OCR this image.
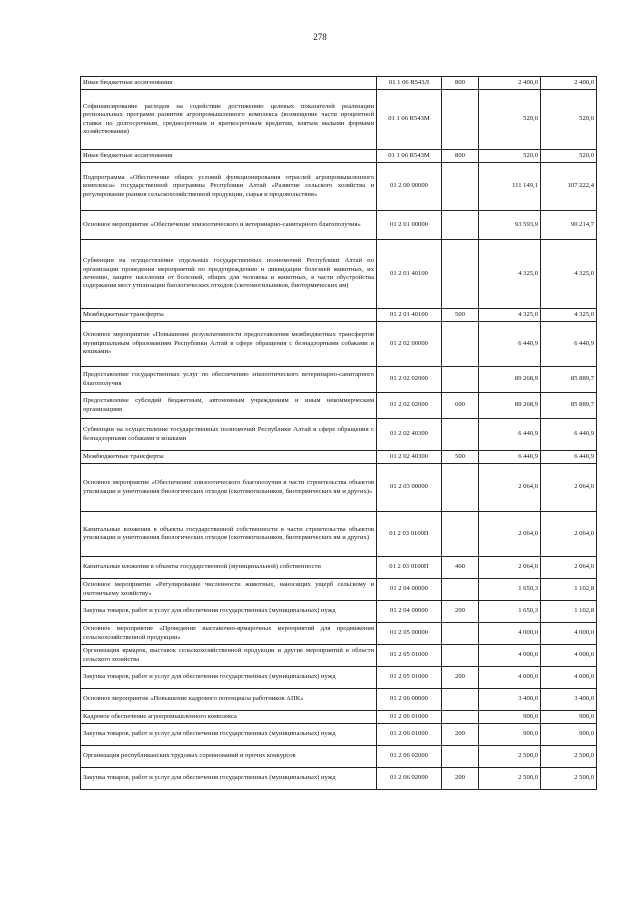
278
Иные бюджетные ассигнования	01 1 06 R543Л	800	2 400,0	2 400,0
Софинансирование расходов на содействие достижению целевых показателей реализации региональных программ развития агропромышленного комплекса (возмещение части процентной ставки по долгосрочным, среднесрочным и краткосрочным кредитам, взятым малыми формами хозяйствования)	01 1 06 R543М		520,0	520,0
Иные бюджетные ассигнования	01 1 06 R543М	800	520,0	520,0
Подпрограмма «Обеспечение общих условий функционирования отраслей агропромышленного комплекса» государственной программы Республики Алтай «Развитие сельского хозяйства и регулирование рынков сельскохозяйственной продукции, сырья и продовольствия»	01 2 00 00000		111 149,1	107 222,4
Основное мероприятие «Обеспечение эпизоотического и ветеринарно-санитарного благополучия»	01 2 01 00000		93 593,9	90 214,7
Субвенции на осуществление отдельных государственных полномочий Республики Алтай по организации проведения мероприятий по предупреждению и ликвидации болезней животных, их лечению, защите населения от болезней, общих для человека и животных, в части обустройства содержания мест утилизации биологических отходов (скотомогильников, биотермических ям)	01 2 01 40100		4 325,0	4 325,0
Межбюджетные трансферты	01 2 01 40100	500	4 325,0	4 325,0
Основное мероприятие «Повышение результативности предоставления межбюджетных трансфертов муниципальным образованиям Республики Алтай в сфере обращения с безнадзорными собаками и кошками»	01 2 02 00000		6 440,9	6 440,9
Предоставление государственных услуг по обеспечению эпизоотического ветеринарно-санитарного благополучия	01 2 02 02000		89 268,9	85 889,7
Предоставление субсидий бюджетным, автономным учреждениям и иным некоммерческим организациям	01 2 02 02000	600	89 268,9	85 889,7
Субвенции на осуществление государственных полномочий Республики Алтай в сфере обращения с безнадзорными собаками и кошками	01 2 02 40300		6 440,9	6 440,9
Межбюджетные трансферты	01 2 02 40300	500	6 440,9	6 440,9
Основное мероприятие «Обеспечение эпизоотического благополучия в части строительства объектов утилизации и уничтожения биологических отходов (скотомогильников, биотермических ям и других)»	01 2 03 00000		2 064,0	2 064,0
Капитальные вложения в объекты государственной собственности в части строительства объектов утилизации и уничтожения биологических отходов (скотомогильников, биотермических ям и других)	01 2 03 0100П		2 064,0	2 064,0
Капитальные вложения в объекты государственной (муниципальной) собственности	01 2 03 0100П	400	2 064,0	2 064,0
Основное мероприятие «Регулирование численности животных, наносящих ущерб сельскому и охотничьему хозяйству»	01 2 04 00000		1 650,3	1 102,8
Закупка товаров, работ и услуг для обеспечения государственных (муниципальных) нужд	01 2 04 00000	200	1 650,3	1 102,8
Основное мероприятие «Проведение выставочно-ярмарочных мероприятий для продвижения сельскохозяйственной продукции»	01 2 05 00000		4 000,0	4 000,0
Организация ярмарок, выставок сельскохозяйственной продукции и другие мероприятий в области сельского хозяйства	01 2 05 01000		4 000,0	4 000,0
Закупка товаров, работ и услуг для обеспечения государственных (муниципальных) нужд	01 2 05 01000	200	4 000,0	4 000,0
Основное мероприятие «Повышение кадрового потенциала работников АПК»	01 2 06 00000		3 400,0	3 400,0
Кадровое обеспечение агропромышленного комплекса	01 2 06 01000		900,0	900,0
Закупка товаров, работ и услуг для обеспечения государственных (муниципальных) нужд	01 2 06 01000	200	900,0	900,0
Организация республиканских трудовых соревнований и прочих конкурсов	01 2 06 02000		2 500,0	2 500,0
Закупка товаров, работ и услуг для обеспечения государственных (муниципальных) нужд	01 2 06 02000	200	2 500,0	2 500,0
